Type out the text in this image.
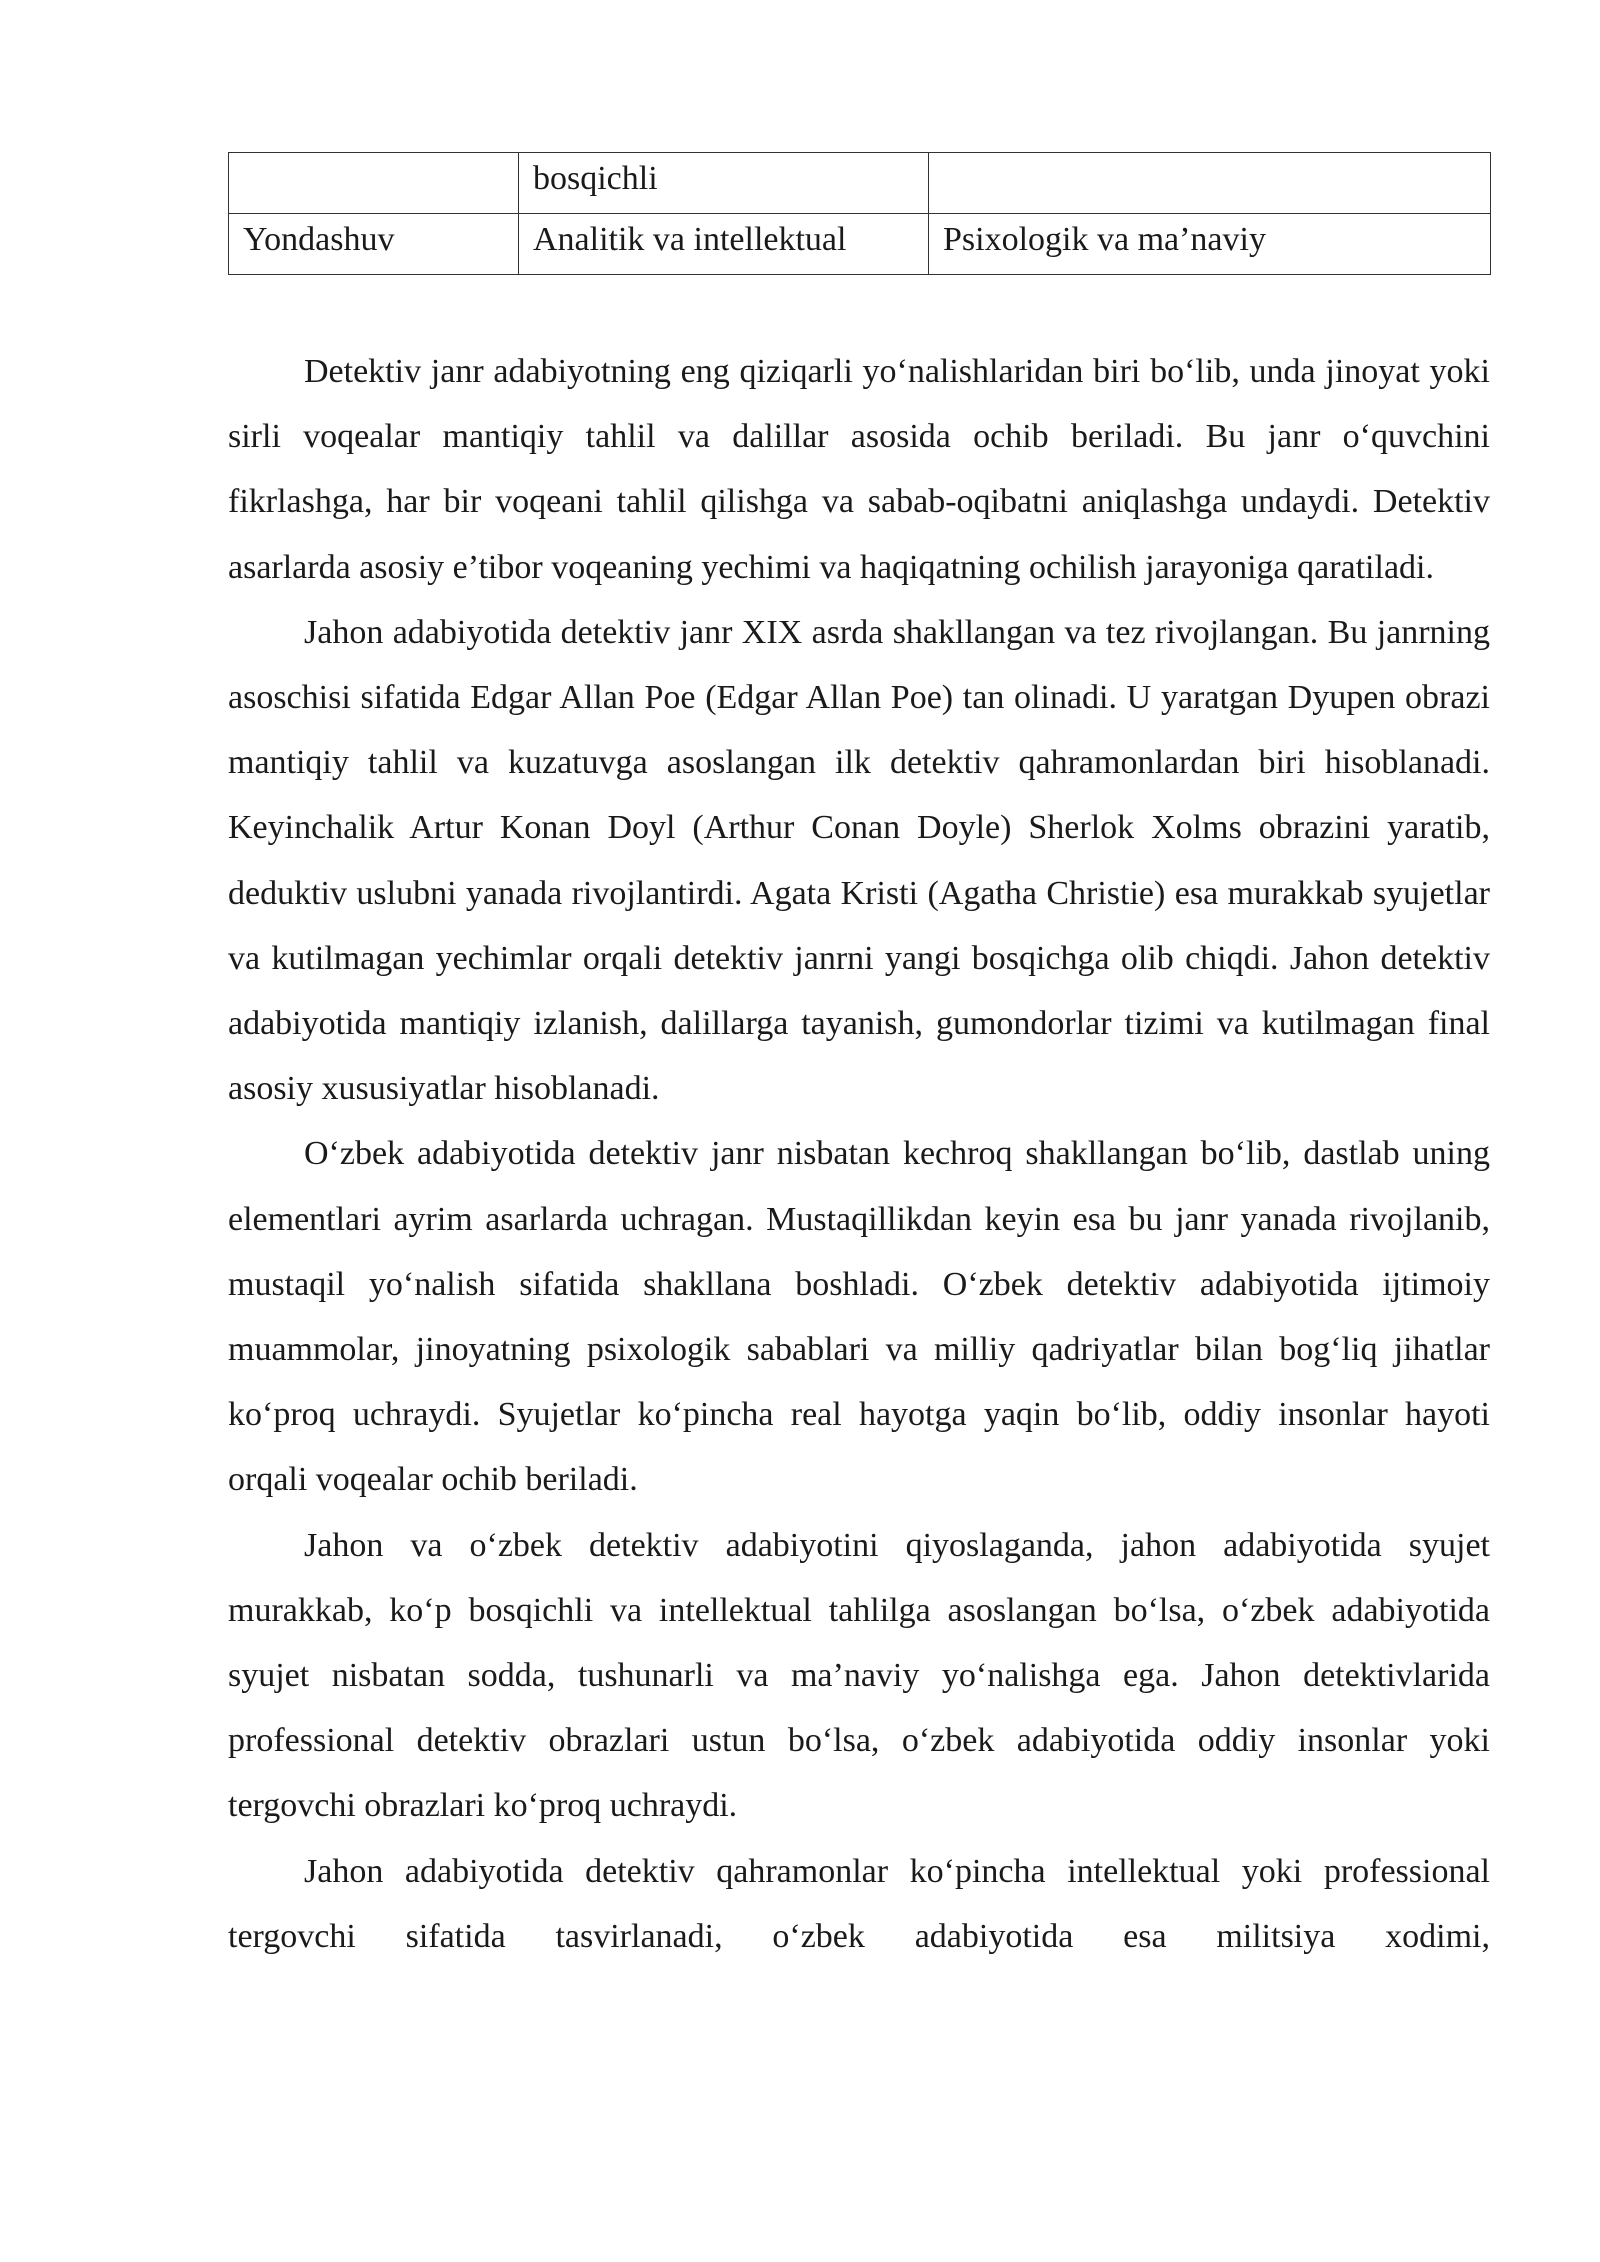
	bosqichli	
Yondashuv	Analitik va intellektual	Psixologik va ma’naviy

Detektiv janr adabiyotning eng qiziqarli yo‘nalishlaridan biri bo‘lib, unda jinoyat yoki sirli voqealar mantiqiy tahlil va dalillar asosida ochib beriladi. Bu janr o‘quvchini fikrlashga, har bir voqeani tahlil qilishga va sabab-oqibatni aniqlashga undaydi. Detektiv asarlarda asosiy e’tibor voqeaning yechimi va haqiqatning ochilish jarayoniga qaratiladi.

Jahon adabiyotida detektiv janr XIX asrda shakllangan va tez rivojlangan. Bu janrning asoschisi sifatida Edgar Allan Poe (Edgar Allan Poe) tan olinadi. U yaratgan Dyupen obrazi mantiqiy tahlil va kuzatuvga asoslangan ilk detektiv qahramonlardan biri hisoblanadi. Keyinchalik Artur Konan Doyl (Arthur Conan Doyle) Sherlok Xolms obrazini yaratib, deduktiv uslubni yanada rivojlantirdi. Agata Kristi (Agatha Christie) esa murakkab syujetlar va kutilmagan yechimlar orqali detektiv janrni yangi bosqichga olib chiqdi. Jahon detektiv adabiyotida mantiqiy izlanish, dalillarga tayanish, gumondorlar tizimi va kutilmagan final asosiy xususiyatlar hisoblanadi.

O‘zbek adabiyotida detektiv janr nisbatan kechroq shakllangan bo‘lib, dastlab uning elementlari ayrim asarlarda uchragan. Mustaqillikdan keyin esa bu janr yanada rivojlanib, mustaqil yo‘nalish sifatida shakllana boshladi. O‘zbek detektiv adabiyotida ijtimoiy muammolar, jinoyatning psixologik sabablari va milliy qadriyatlar bilan bog‘liq jihatlar ko‘proq uchraydi. Syujetlar ko‘pincha real hayotga yaqin bo‘lib, oddiy insonlar hayoti orqali voqealar ochib beriladi.

Jahon va o‘zbek detektiv adabiyotini qiyoslaganda, jahon adabiyotida syujet murakkab, ko‘p bosqichli va intellektual tahlilga asoslangan bo‘lsa, o‘zbek adabiyotida syujet nisbatan sodda, tushunarli va ma’naviy yo‘nalishga ega. Jahon detektivlarida professional detektiv obrazlari ustun bo‘lsa, o‘zbek adabiyotida oddiy insonlar yoki tergovchi obrazlari ko‘proq uchraydi.

Jahon adabiyotida detektiv qahramonlar ko‘pincha intellektual yoki professional tergovchi sifatida tasvirlanadi, o‘zbek adabiyotida esa militsiya xodimi,
